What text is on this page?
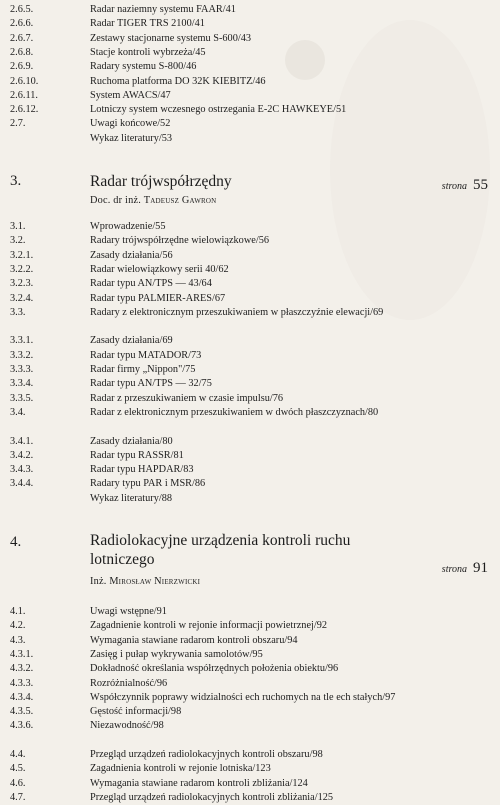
2.6.5.	Radar naziemny systemu FAAR/41
2.6.6.	Radar TIGER TRS 2100/41
2.6.7.	Zestawy stacjonarne systemu S-600/43
2.6.8.	Stacje kontroli wybrzeża/45
2.6.9.	Radary systemu S-800/46
2.6.10.	Ruchoma platforma DO 32K KIEBITZ/46
2.6.11.	System AWACS/47
2.6.12.	Lotniczy system wczesnego ostrzegania E-2C HAWKEYE/51
2.7.	Uwagi końcowe/52
Wykaz literatury/53
3.	Radar trójwspółrzędny	strona 55
Doc. dr inż. Tadeusz Gawron
3.1.	Wprowadzenie/55
3.2.	Radary trójwspółrzędne wielowiązkowe/56
3.2.1.	Zasady działania/56
3.2.2.	Radar wielowiązkowy serii 40/62
3.2.3.	Radar typu AN/TPS — 43/64
3.2.4.	Radar typu PALMIER-ARES/67
3.3.	Radary z elektronicznym przeszukiwaniem w płaszczyźnie elewacji/69
3.3.1.	Zasady działania/69
3.3.2.	Radar typu MATADOR/73
3.3.3.	Radar firmy „Nippon"/75
3.3.4.	Radar typu AN/TPS — 32/75
3.3.5.	Radar z przeszukiwaniem w czasie impulsu/76
3.4.	Radar z elektronicznym przeszukiwaniem w dwóch płaszczyznach/80
3.4.1.	Zasady działania/80
3.4.2.	Radar typu RASSR/81
3.4.3.	Radar typu HAPDAR/83
3.4.4.	Radary typu PAR i MSR/86
Wykaz literatury/88
4.	Radiolokacyjne urządzenia kontroli ruchu lotniczego
strona 91
Inż. Mirosław Nierzwicki
4.1.	Uwagi wstępne/91
4.2.	Zagadnienie kontroli w rejonie informacji powietrznej/92
4.3.	Wymagania stawiane radarom kontroli obszaru/94
4.3.1.	Zasięg i pułap wykrywania samolotów/95
4.3.2.	Dokładność określania współrzędnych położenia obiektu/96
4.3.3.	Rozróżnialność/96
4.3.4.	Współczynnik poprawy widzialności ech ruchomych na tle ech stałych/97
4.3.5.	Gęstość informacji/98
4.3.6.	Niezawodność/98
4.4.	Przegląd urządzeń radiolokacyjnych kontroli obszaru/98
4.5.	Zagadnienia kontroli w rejonie lotniska/123
4.6.	Wymagania stawiane radarom kontroli zbliżania/124
4.7.	Przegląd urządzeń radiolokacyjnych kontroli zbliżania/125
